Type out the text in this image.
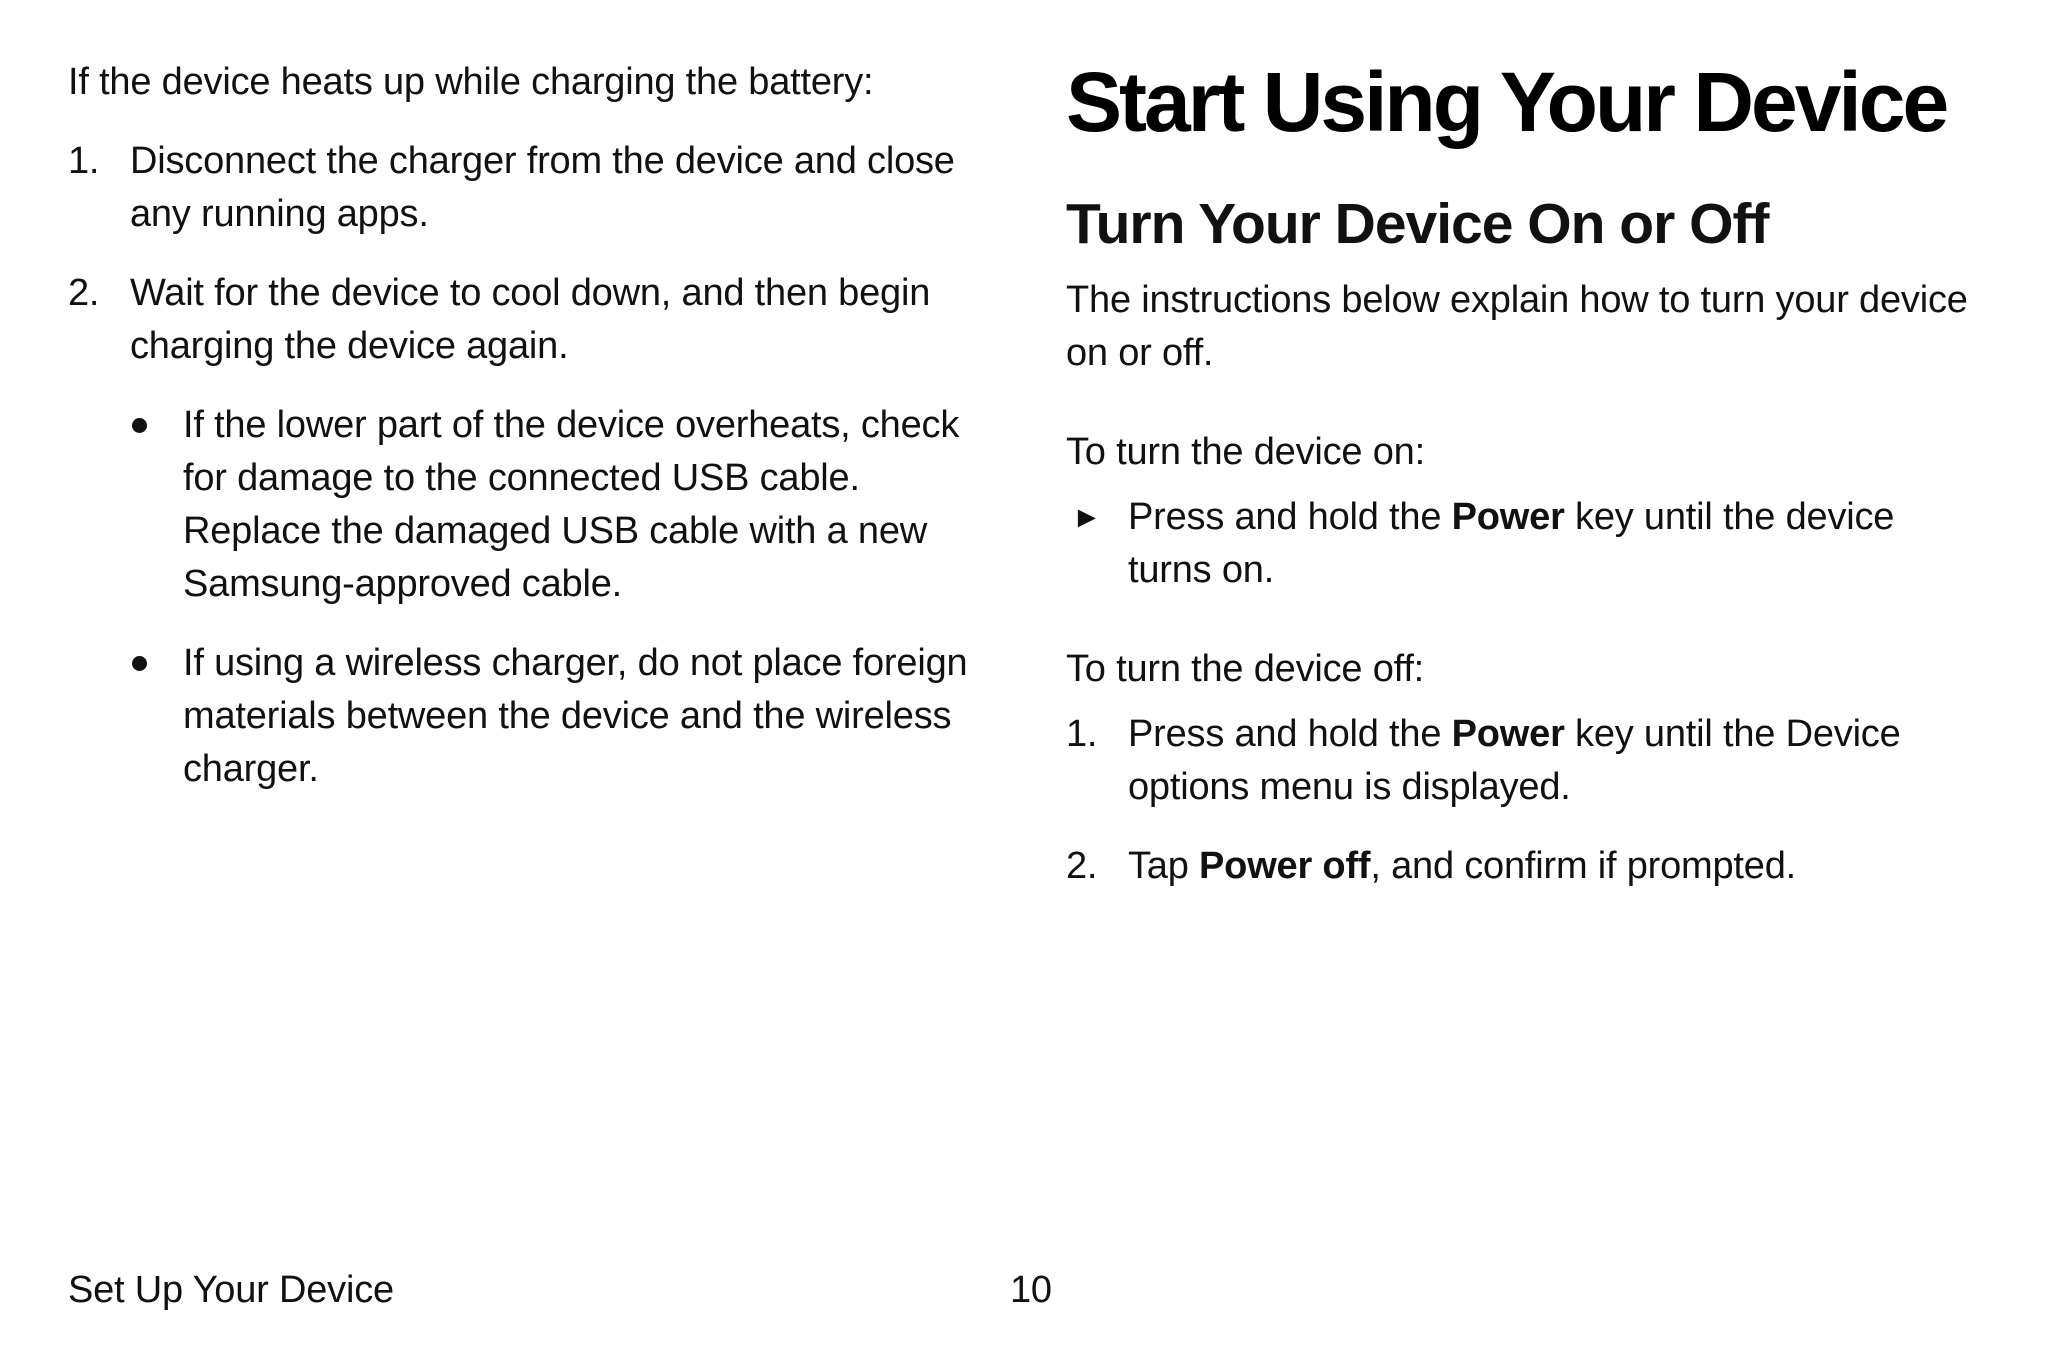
If the device heats up while charging the battery:

1. Disconnect the charger from the device and close any running apps.
2. Wait for the device to cool down, and then begin charging the device again.
If the lower part of the device overheats, check for damage to the connected USB cable. Replace the damaged USB cable with a new Samsung-approved cable.
If using a wireless charger, do not place foreign materials between the device and the wireless charger.
Start Using Your Device
Turn Your Device On or Off

The instructions below explain how to turn your device on or off.

To turn the device on:

► Press and hold the Power key until the device turns on.

To turn the device off:

1. Press and hold the Power key until the Device options menu is displayed.
2. Tap Power off, and confirm if prompted.
Set Up Your Device	10
